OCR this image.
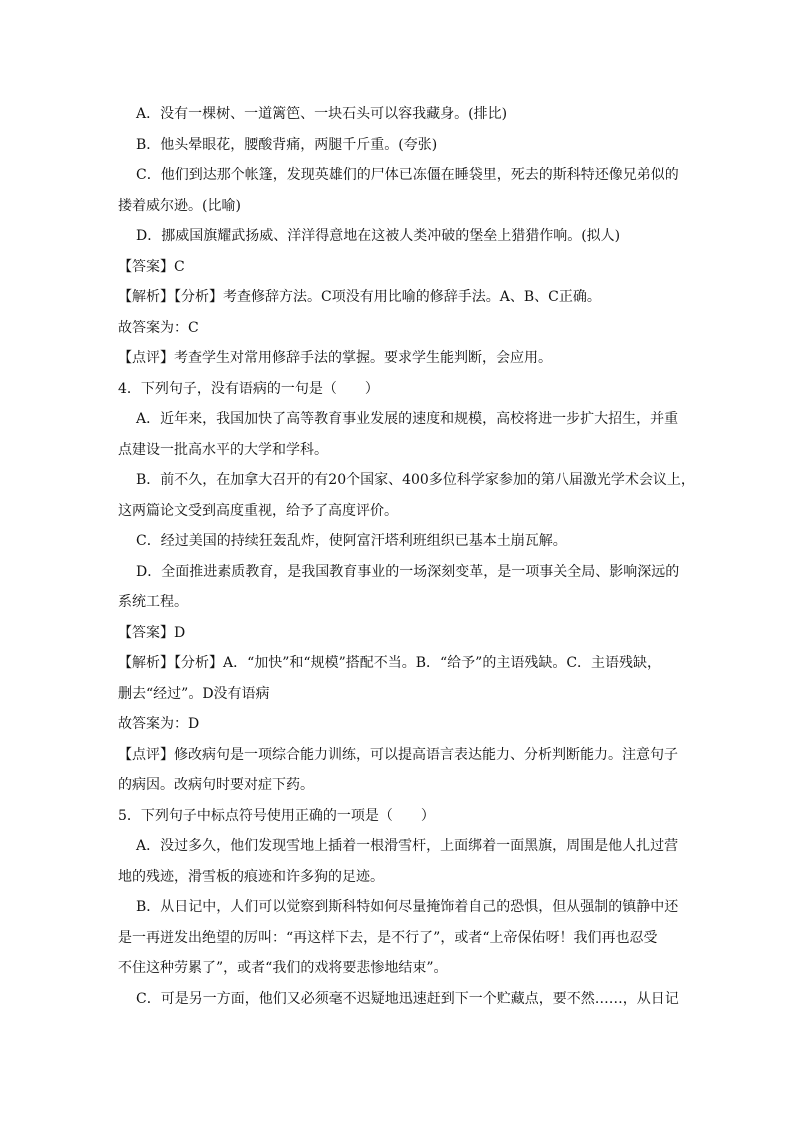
A．没有一棵树、一道篱笆、一块石头可以容我藏身。(排比)

B．他头晕眼花，腰酸背痛，两腿千斤重。(夸张)

C．他们到达那个帐篷，发现英雄们的尸体已冻僵在睡袋里，死去的斯科特还像兄弟似的

搂着威尔逊。(比喻)

D．挪威国旗耀武扬威、洋洋得意地在这被人类冲破的堡垒上猎猎作响。(拟人)

【答案】C

【解析】【分析】考查修辞方法。C项没有用比喻的修辞手法。A、B、C正确。

故答案为：C

【点评】考查学生对常用修辞手法的掌握。要求学生能判断，会应用。

4．下列句子，没有语病的一句是（　　）

A．近年来，我国加快了高等教育事业发展的速度和规模，高校将进一步扩大招生，并重

点建设一批高水平的大学和学科。

B．前不久，在加拿大召开的有20个国家、400多位科学家参加的第八届激光学术会议上，

这两篇论文受到高度重视，给予了高度评价。

C．经过美国的持续狂轰乱炸，使阿富汗塔利班组织已基本土崩瓦解。

D．全面推进素质教育，是我国教育事业的一场深刻变革，是一项事关全局、影响深远的

系统工程。

【答案】D

【解析】【分析】A．“加快”和“规模”搭配不当。B．“给予”的主语残缺。C．主语残缺，

删去“经过”。D没有语病

故答案为：D

【点评】修改病句是一项综合能力训练，可以提高语言表达能力、分析判断能力。注意句子

的病因。改病句时要对症下药。

5．下列句子中标点符号使用正确的一项是（　　）

A．没过多久，他们发现雪地上插着一根滑雪杆，上面绑着一面黑旗，周围是他人扎过营

地的残迹，滑雪板的痕迹和许多狗的足迹。

B．从日记中，人们可以觉察到斯科特如何尽量掩饰着自己的恐惧，但从强制的镇静中还

是一再迸发出绝望的厉叫：“再这样下去，是不行了”，或者“上帝保佑呀！我们再也忍受

不住这种劳累了”，或者“我们的戏将要悲惨地结束”。

C．可是另一方面，他们又必须毫不迟疑地迅速赶到下一个贮藏点，要不然……，从日记
